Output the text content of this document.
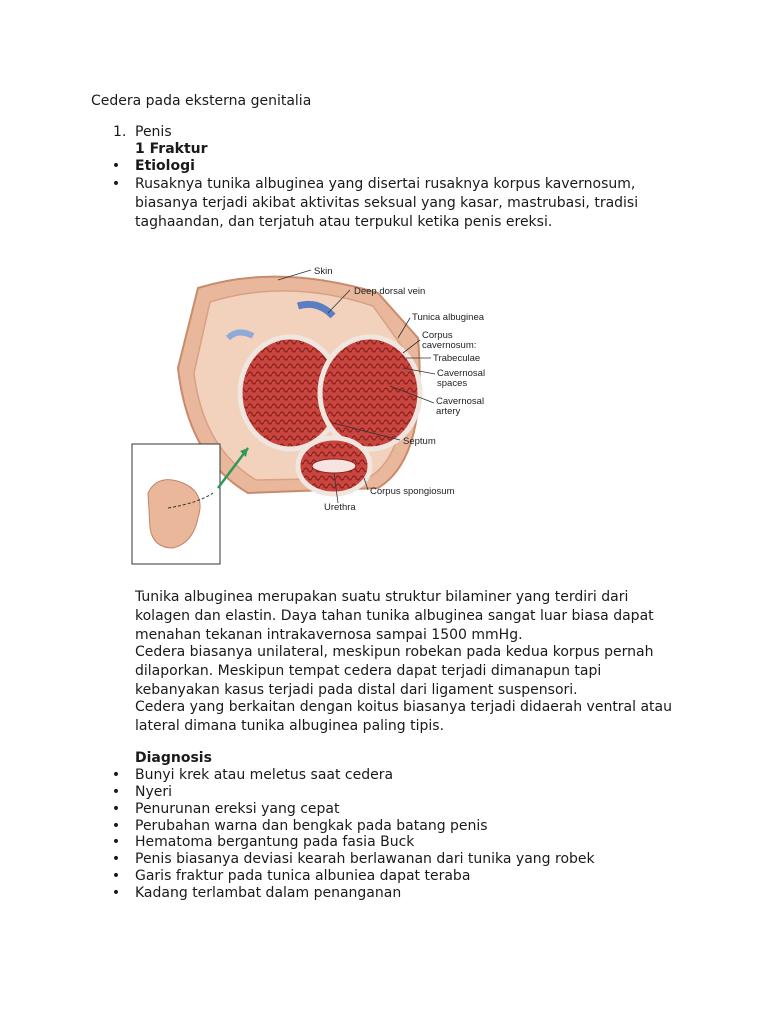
Cedera pada eksterna genitalia
1. Penis
1 Fraktur
• Etiologi
• Rusaknya tunika albuginea yang disertai rusaknya korpus kavernosum,
biasanya terjadi akibat aktivitas seksual yang kasar, mastrubasi, tradisi
taghaandan, dan terjatuh atau terpukul ketika penis ereksi.
Skin
Deep dorsal vein
Tunica albuginea
Corpus
cavernosum:
Trabeculae
Cavernosal
spaces
Cavernosal
artery
Septum
Corpus spongiosum
Urethra
Tunika albuginea merupakan suatu struktur bilaminer yang terdiri dari
kolagen dan elastin. Daya tahan tunika albuginea sangat luar biasa dapat
menahan tekanan intrakavernosa sampai 1500 mmHg.
Cedera biasanya unilateral, meskipun robekan pada kedua korpus pernah
dilaporkan. Meskipun tempat cedera dapat terjadi dimanapun tapi
kebanyakan kasus terjadi pada distal dari ligament suspensori.
Cedera yang berkaitan dengan koitus biasanya terjadi didaerah ventral atau
lateral dimana tunika albuginea paling tipis.
Diagnosis
• Bunyi krek atau meletus saat cedera
• Nyeri
• Penurunan ereksi yang cepat
• Perubahan warna dan bengkak pada batang penis
• Hematoma bergantung pada fasia Buck
• Penis biasanya deviasi kearah berlawanan dari tunika yang robek
• Garis fraktur pada tunica albuniea dapat teraba
• Kadang terlambat dalam penanganan
